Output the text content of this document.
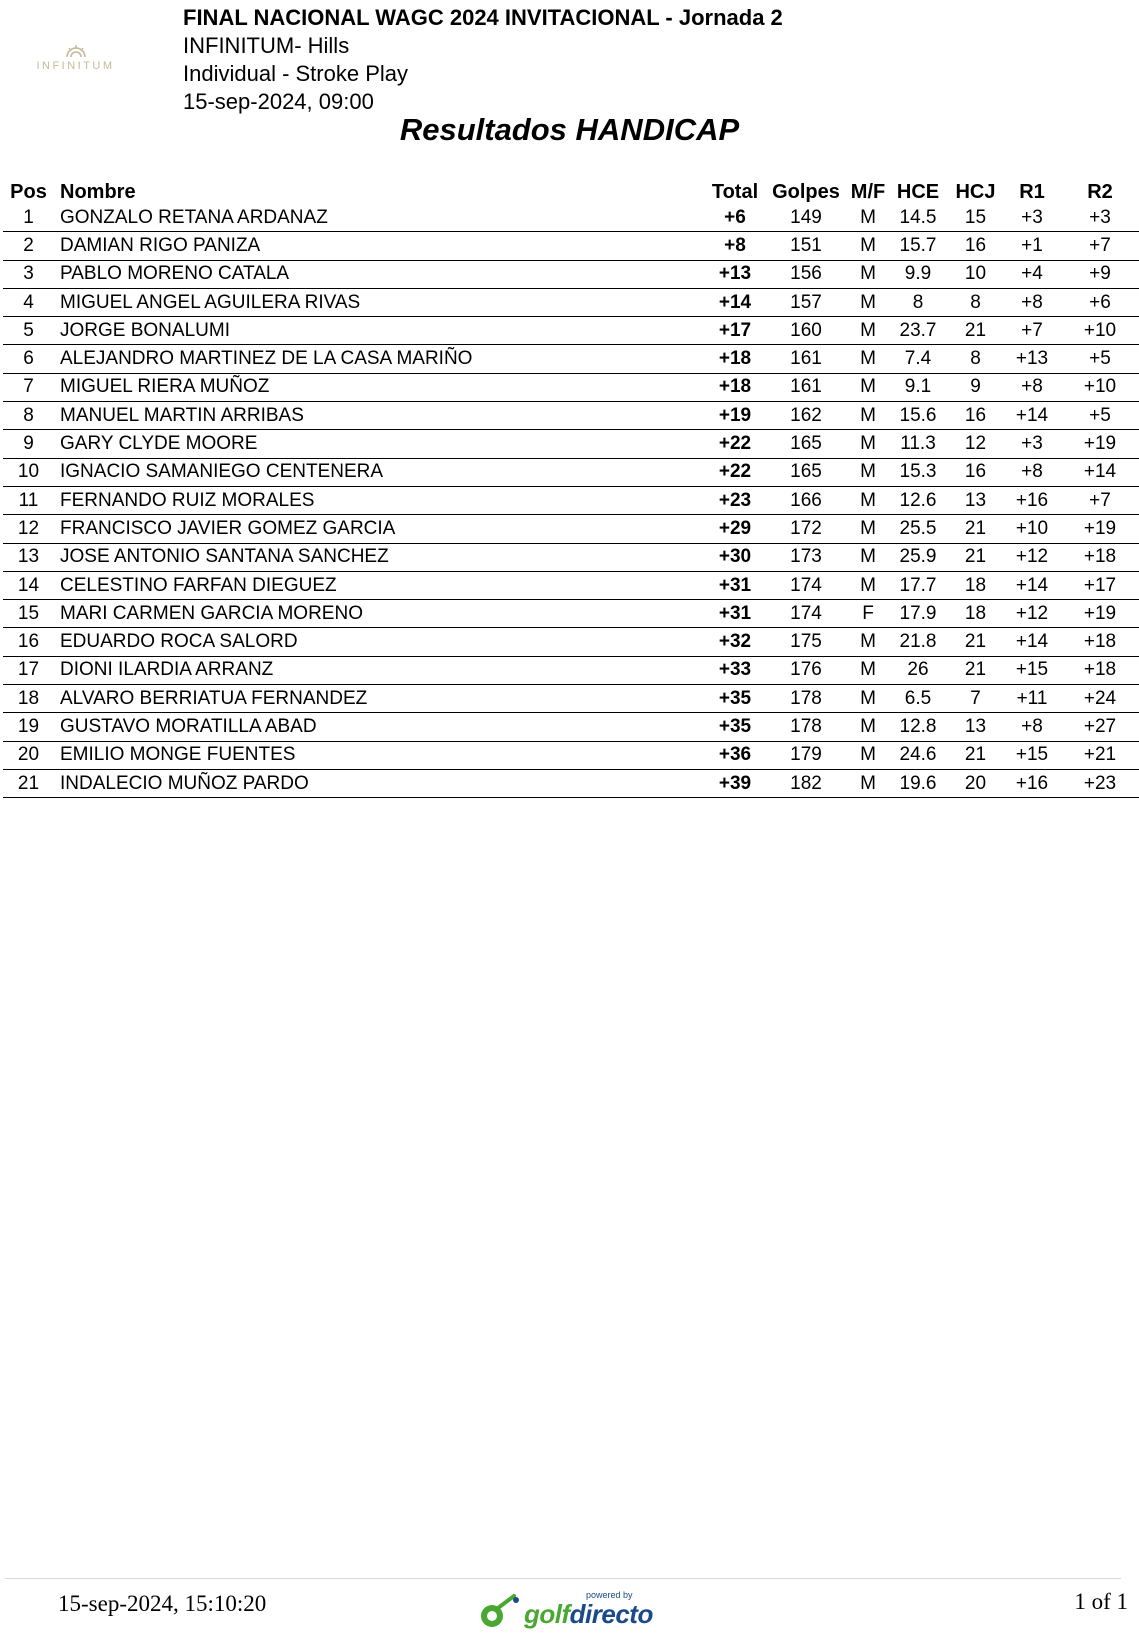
INFINITUM
FINAL NACIONAL WAGC 2024 INVITACIONAL - Jornada 2
INFINITUM- Hills
Individual - Stroke Play
15-sep-2024, 09:00
Resultados HANDICAP
Pos	Nombre	Total	Golpes	M/F	HCE	HCJ	R1	R2
1	GONZALO RETANA ARDANAZ	+6	149	M	14.5	15	+3	+3
2	DAMIAN RIGO PANIZA	+8	151	M	15.7	16	+1	+7
3	PABLO MORENO CATALA	+13	156	M	9.9	10	+4	+9
4	MIGUEL ANGEL AGUILERA RIVAS	+14	157	M	8	8	+8	+6
5	JORGE BONALUMI	+17	160	M	23.7	21	+7	+10
6	ALEJANDRO MARTINEZ DE LA CASA MARIÑO	+18	161	M	7.4	8	+13	+5
7	MIGUEL RIERA MUÑOZ	+18	161	M	9.1	9	+8	+10
8	MANUEL MARTIN ARRIBAS	+19	162	M	15.6	16	+14	+5
9	GARY CLYDE MOORE	+22	165	M	11.3	12	+3	+19
10	IGNACIO SAMANIEGO CENTENERA	+22	165	M	15.3	16	+8	+14
11	FERNANDO RUIZ MORALES	+23	166	M	12.6	13	+16	+7
12	FRANCISCO JAVIER GOMEZ GARCIA	+29	172	M	25.5	21	+10	+19
13	JOSE ANTONIO SANTANA SANCHEZ	+30	173	M	25.9	21	+12	+18
14	CELESTINO FARFAN DIEGUEZ	+31	174	M	17.7	18	+14	+17
15	MARI CARMEN GARCIA MORENO	+31	174	F	17.9	18	+12	+19
16	EDUARDO ROCA SALORD	+32	175	M	21.8	21	+14	+18
17	DIONI ILARDIA ARRANZ	+33	176	M	26	21	+15	+18
18	ALVARO BERRIATUA FERNANDEZ	+35	178	M	6.5	7	+11	+24
19	GUSTAVO MORATILLA ABAD	+35	178	M	12.8	13	+8	+27
20	EMILIO MONGE FUENTES	+36	179	M	24.6	21	+15	+21
21	INDALECIO MUÑOZ PARDO	+39	182	M	19.6	20	+16	+23
15-sep-2024, 15:10:20	powered by
golfdirecto	1 of 1
